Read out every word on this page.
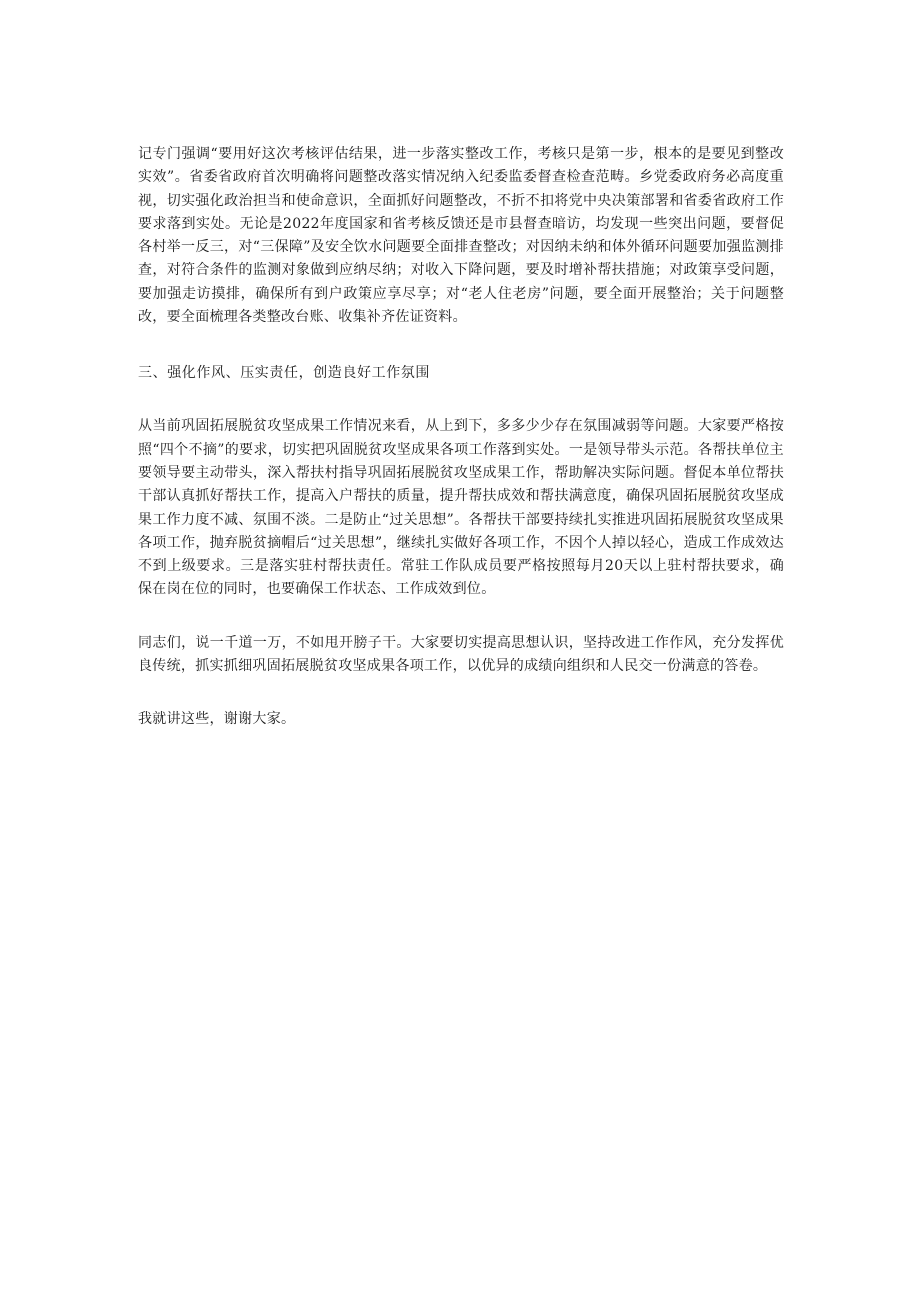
记专门强调“要用好这次考核评估结果，进一步落实整改工作，考核只是第一步，根本的是要见到整改实效”。省委省政府首次明确将问题整改落实情况纳入纪委监委督查检查范畴。乡党委政府务必高度重视，切实强化政治担当和使命意识，全面抓好问题整改，不折不扣将党中央决策部署和省委省政府工作要求落到实处。无论是2022年度国家和省考核反馈还是市县督查暗访，均发现一些突出问题，要督促各村举一反三，对“三保障”及安全饮水问题要全面排查整改；对因纳未纳和体外循环问题要加强监测排查，对符合条件的监测对象做到应纳尽纳；对收入下降问题，要及时增补帮扶措施；对政策享受问题，要加强走访摸排，确保所有到户政策应享尽享；对“老人住老房”问题，要全面开展整治；关于问题整改，要全面梳理各类整改台账、收集补齐佐证资料。

三、强化作风、压实责任，创造良好工作氛围

从当前巩固拓展脱贫攻坚成果工作情况来看，从上到下，多多少少存在氛围减弱等问题。大家要严格按照“四个不摘”的要求，切实把巩固脱贫攻坚成果各项工作落到实处。一是领导带头示范。各帮扶单位主要领导要主动带头，深入帮扶村指导巩固拓展脱贫攻坚成果工作，帮助解决实际问题。督促本单位帮扶干部认真抓好帮扶工作，提高入户帮扶的质量，提升帮扶成效和帮扶满意度，确保巩固拓展脱贫攻坚成果工作力度不减、氛围不淡。二是防止“过关思想”。各帮扶干部要持续扎实推进巩固拓展脱贫攻坚成果各项工作，抛弃脱贫摘帽后“过关思想”，继续扎实做好各项工作，不因个人掉以轻心，造成工作成效达不到上级要求。三是落实驻村帮扶责任。常驻工作队成员要严格按照每月20天以上驻村帮扶要求，确保在岗在位的同时，也要确保工作状态、工作成效到位。

同志们，说一千道一万，不如甩开膀子干。大家要切实提高思想认识，坚持改进工作作风，充分发挥优良传统，抓实抓细巩固拓展脱贫攻坚成果各项工作，以优异的成绩向组织和人民交一份满意的答卷。

我就讲这些，谢谢大家。
